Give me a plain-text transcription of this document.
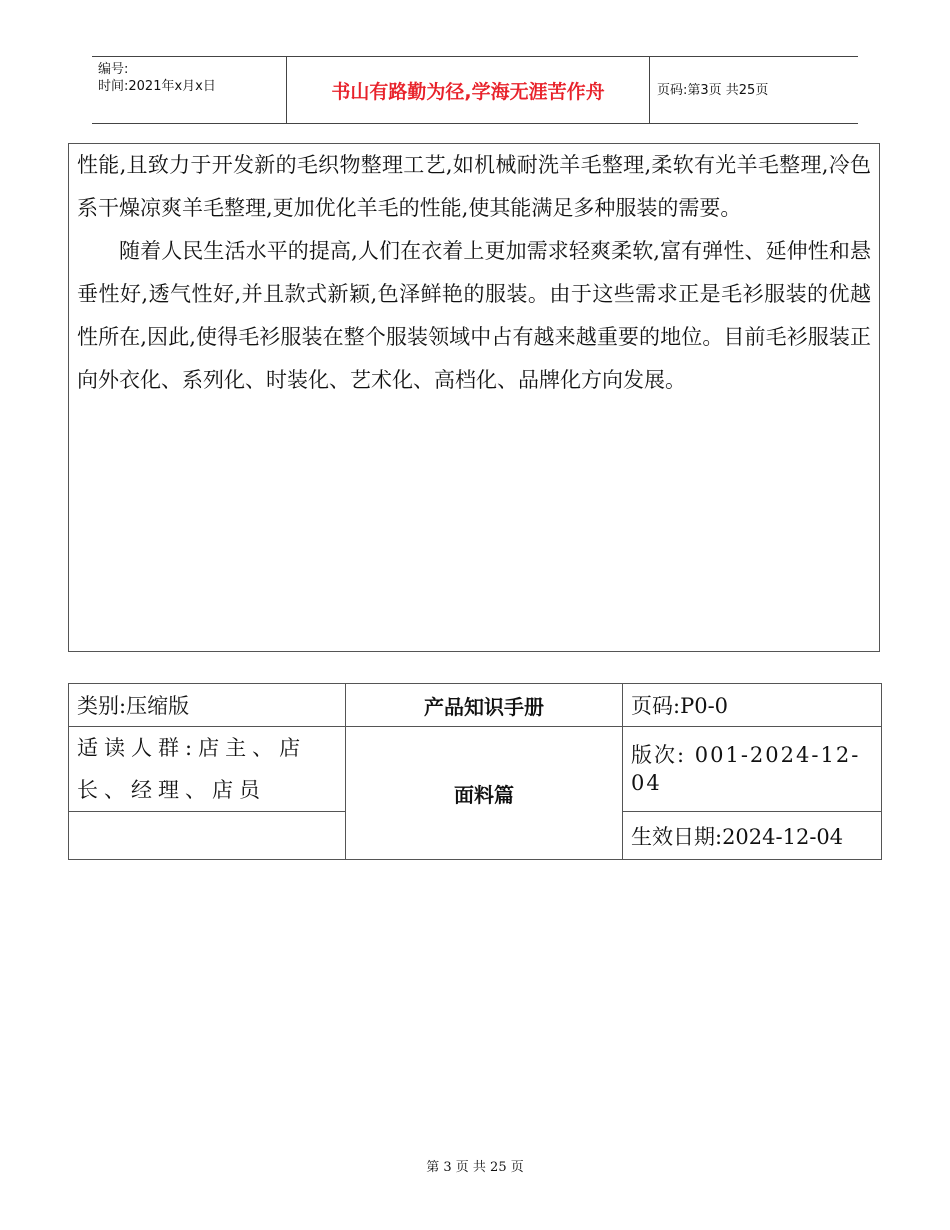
编号:
时间:2021年x月x日	书山有路勤为径,学海无涯苦作舟	页码:第3页 共25页

性能,且致力于开发新的毛织物整理工艺,如机械耐洗羊毛整理,柔软有光羊毛整理,冷色系干燥凉爽羊毛整理,更加优化羊毛的性能,使其能满足多种服装的需要。

随着人民生活水平的提高,人们在衣着上更加需求轻爽柔软,富有弹性、延伸性和悬垂性好,透气性好,并且款式新颖,色泽鲜艳的服装。由于这些需求正是毛衫服装的优越性所在,因此,使得毛衫服装在整个服装领域中占有越来越重要的地位。目前毛衫服装正向外衣化、系列化、时装化、艺术化、高档化、品牌化方向发展。

类别:压缩版	产品知识手册	页码:P0-0
适读人群:店主、店长、经理、店员	面料篇	版次: 001-2024-12-04
		生效日期:2024-12-04
第 3 页 共 25 页
